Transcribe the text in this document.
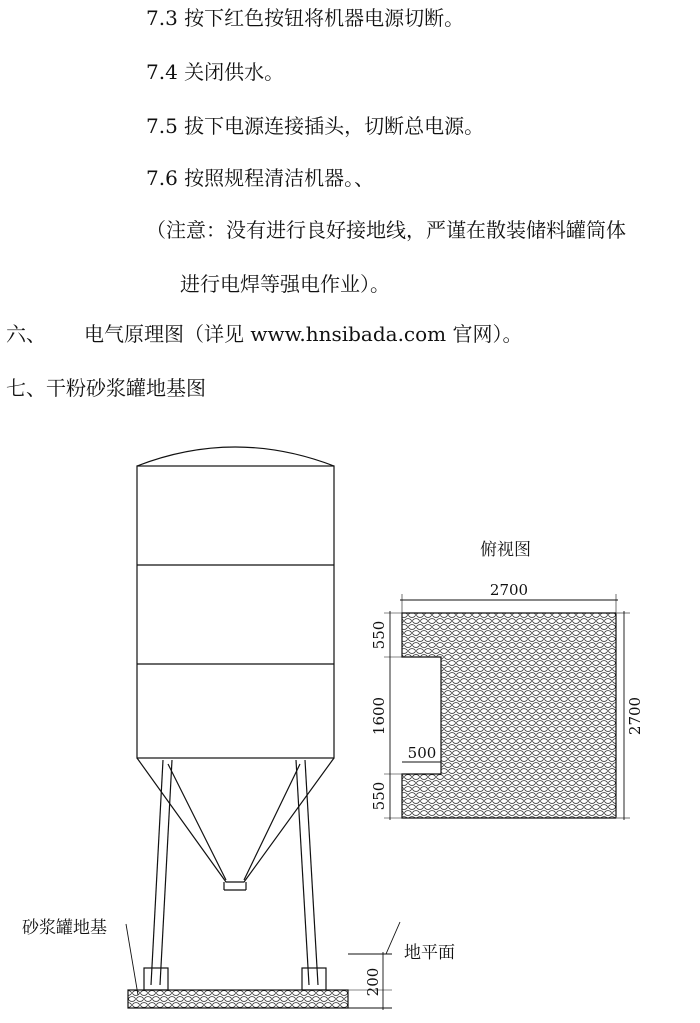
7.3 按下红色按钮将机器电源切断。
7.4 关闭供水。
7.5 拔下电源连接插头，切断总电源。
7.6 按照规程清洁机器。、
（注意：没有进行良好接地线，严谨在散装储料罐筒体
进行电焊等强电作业）。
六、 电气原理图（详见 www.hnsibada.com 官网）。
七、干粉砂浆罐地基图
砂浆罐地基
200
地平面
俯视图
2700
2700
550
1600
550
500
